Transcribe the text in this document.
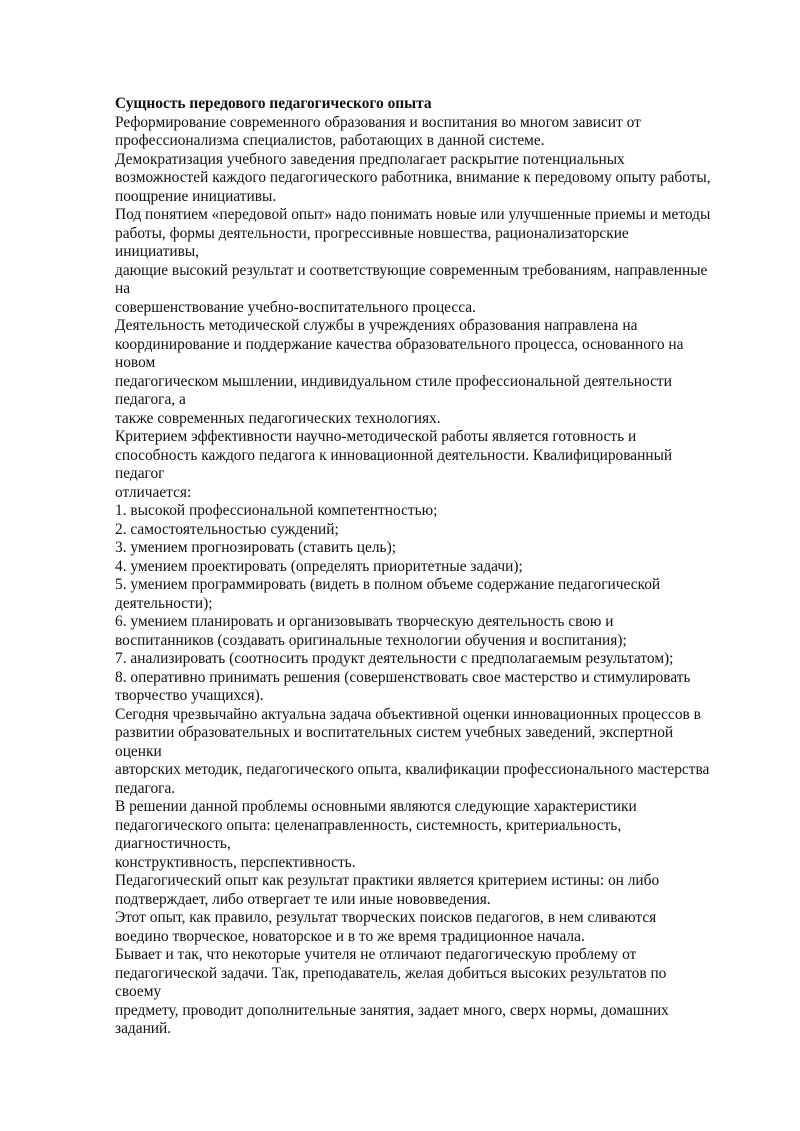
Сущность передового педагогического опыта

Реформирование современного образования и воспитания во многом зависит от

профессионализма специалистов, работающих в данной системе.

Демократизация учебного заведения предполагает раскрытие потенциальных

возможностей каждого педагогического работника, внимание к передовому опыту работы,

поощрение инициативы.

Под понятием «передовой опыт» надо понимать новые или улучшенные приемы и методы

работы, формы деятельности, прогрессивные новшества, рационализаторские

инициативы,

дающие высокий результат и соответствующие современным требованиям, направленные

на

совершенствование учебно-воспитательного процесса.

Деятельность методической службы в учреждениях образования направлена на

координирование и поддержание качества образовательного процесса, основанного на

новом

педагогическом мышлении, индивидуальном стиле профессиональной деятельности

педагога, а

также современных педагогических технологиях.

Критерием эффективности научно-методической работы является готовность и

способность каждого педагога к инновационной деятельности. Квалифицированный

педагог

отличается:

1. высокой профессиональной компетентностью;

2. самостоятельностью суждений;

3. умением прогнозировать (ставить цель);

4. умением проектировать (определять приоритетные задачи);

5. умением программировать (видеть в полном объеме содержание педагогической

деятельности);

6. умением планировать и организовывать творческую деятельность свою и

воспитанников (создавать оригинальные технологии обучения и воспитания);

7. анализировать (соотносить продукт деятельности с предполагаемым результатом);

8. оперативно принимать решения (совершенствовать свое мастерство и стимулировать

творчество учащихся).

Сегодня чрезвычайно актуальна задача объективной оценки инновационных процессов в

развитии образовательных и воспитательных систем учебных заведений, экспертной

оценки

авторских методик, педагогического опыта, квалификации профессионального мастерства

педагога.

В решении данной проблемы основными являются следующие характеристики

педагогического опыта: целенаправленность, системность, критериальность,

диагностичность,

конструктивность, перспективность.

Педагогический опыт как результат практики является критерием истины: он либо

подтверждает, либо отвергает те или иные нововведения.

Этот опыт, как правило, результат творческих поисков педагогов, в нем сливаются

воедино творческое, новаторское и в то же время традиционное начала.

Бывает и так, что некоторые учителя не отличают педагогическую проблему от

педагогической задачи. Так, преподаватель, желая добиться высоких результатов по

своему

предмету, проводит дополнительные занятия, задает много, сверх нормы, домашних

заданий.
